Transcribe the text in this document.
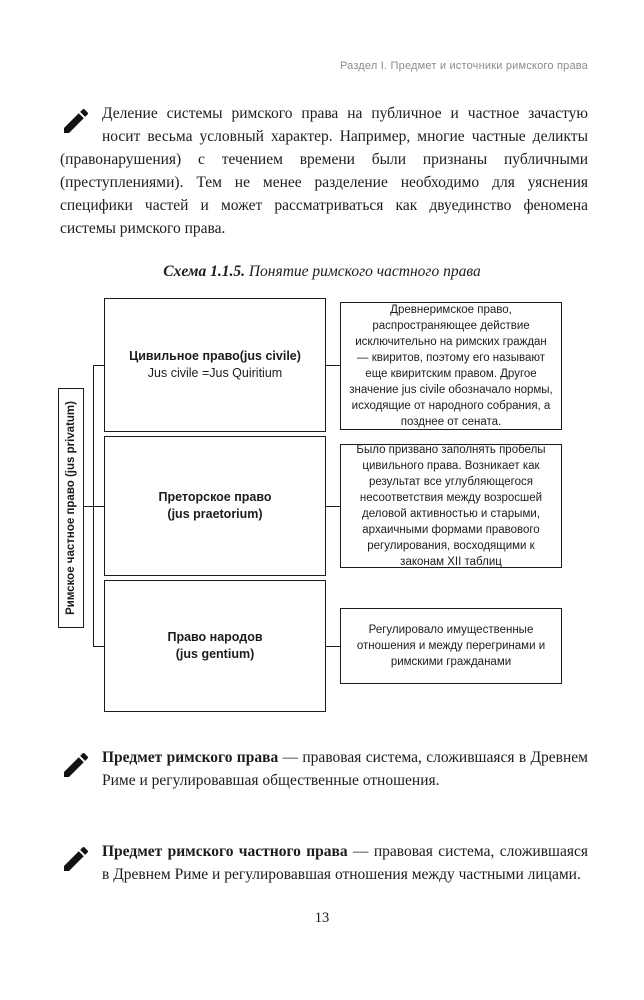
Раздел I. Предмет и источники римского права
Деление системы римского права на публичное и частное зачастую носит весьма условный характер. Например, многие частные деликты (правонарушения) с течением времени были признаны публичными (преступлениями). Тем не менее разделение необходимо для уяснения специфики частей и может рассматриваться как двуединство феномена системы римского права.
Схема 1.1.5. Понятие римского частного права
Римское частное право (jus privatum)
Цивильное право(jus civile)
Jus civile =Jus Quiritium
Преторское право
(jus praetorium)
Право народов
(jus gentium)
Древнеримское право, распространяющее действие исключительно на римских граждан — квиритов, поэтому его называют еще квиритским правом. Другое значение jus civile обозначало нормы, исходящие от народного собрания, а позднее от сената.
Было призвано заполнять пробелы цивильного права. Возникает как результат все углубляющегося несоответствия между возросшей деловой активностью и старыми, архаичными формами правового регулирования, восходящими к законам XII таблиц
Регулировало имущественные отношения и между перегринами и римскими гражданами
Предмет римского права — правовая система, сложившаяся в Древнем Риме и регулировавшая общественные отношения.
Предмет римского частного права — правовая система, сложившаяся в Древнем Риме и регулировавшая отношения между частными лицами.
13
